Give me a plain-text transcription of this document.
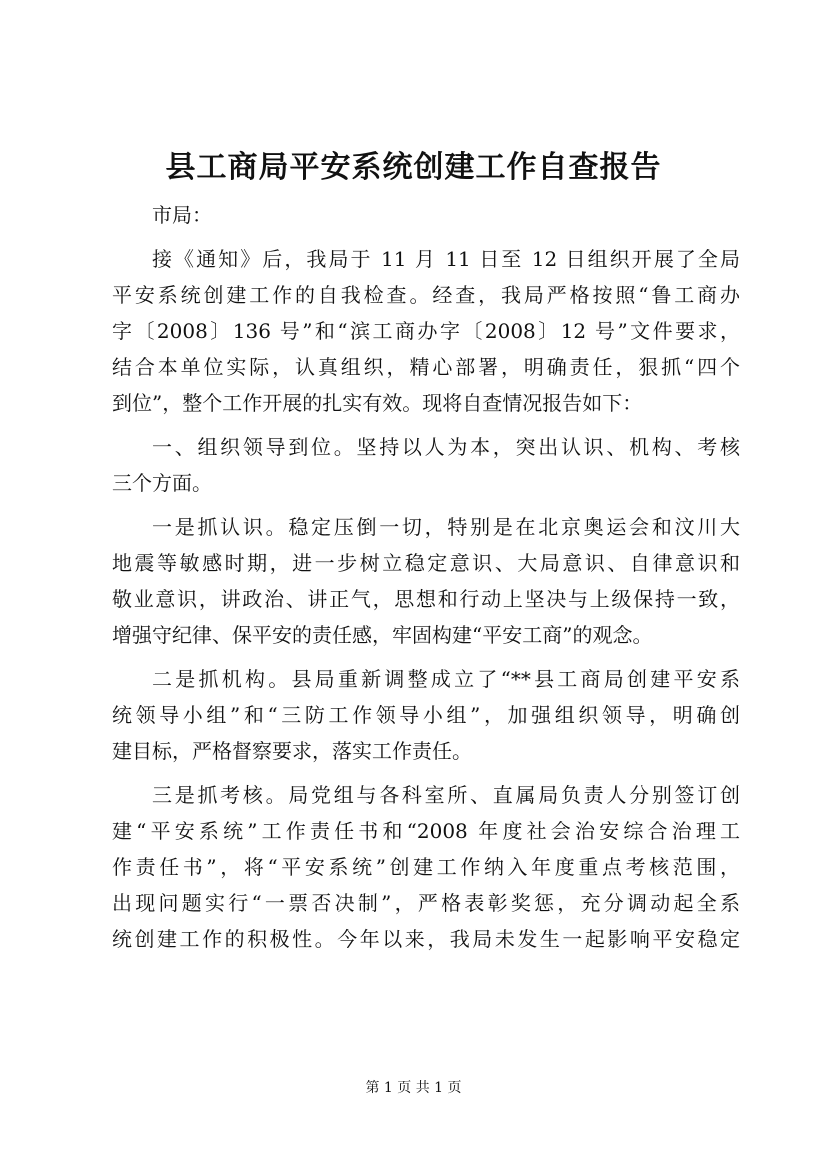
县工商局平安系统创建工作自查报告
市局：
接《通知》后，我局于 11 月 11 日至 12 日组织开展了全局
平安系统创建工作的自我检查。经查，我局严格按照“鲁工商办
字〔2008〕136 号”和“滨工商办字〔2008〕12 号”文件要求，
结合本单位实际，认真组织，精心部署，明确责任，狠抓“四个
到位”，整个工作开展的扎实有效。现将自查情况报告如下：
一、组织领导到位。坚持以人为本，突出认识、机构、考核
三个方面。
一是抓认识。稳定压倒一切，特别是在北京奥运会和汶川大
地震等敏感时期，进一步树立稳定意识、大局意识、自律意识和
敬业意识，讲政治、讲正气，思想和行动上坚决与上级保持一致，
增强守纪律、保平安的责任感，牢固构建“平安工商”的观念。
二是抓机构。县局重新调整成立了“**县工商局创建平安系
统领导小组”和“三防工作领导小组”，加强组织领导，明确创
建目标，严格督察要求，落实工作责任。
三是抓考核。局党组与各科室所、直属局负责人分别签订创
建“平安系统”工作责任书和“2008 年度社会治安综合治理工
作责任书”，将“平安系统”创建工作纳入年度重点考核范围，
出现问题实行“一票否决制”，严格表彰奖惩，充分调动起全系
统创建工作的积极性。今年以来，我局未发生一起影响平安稳定
第 1 页 共 1 页
